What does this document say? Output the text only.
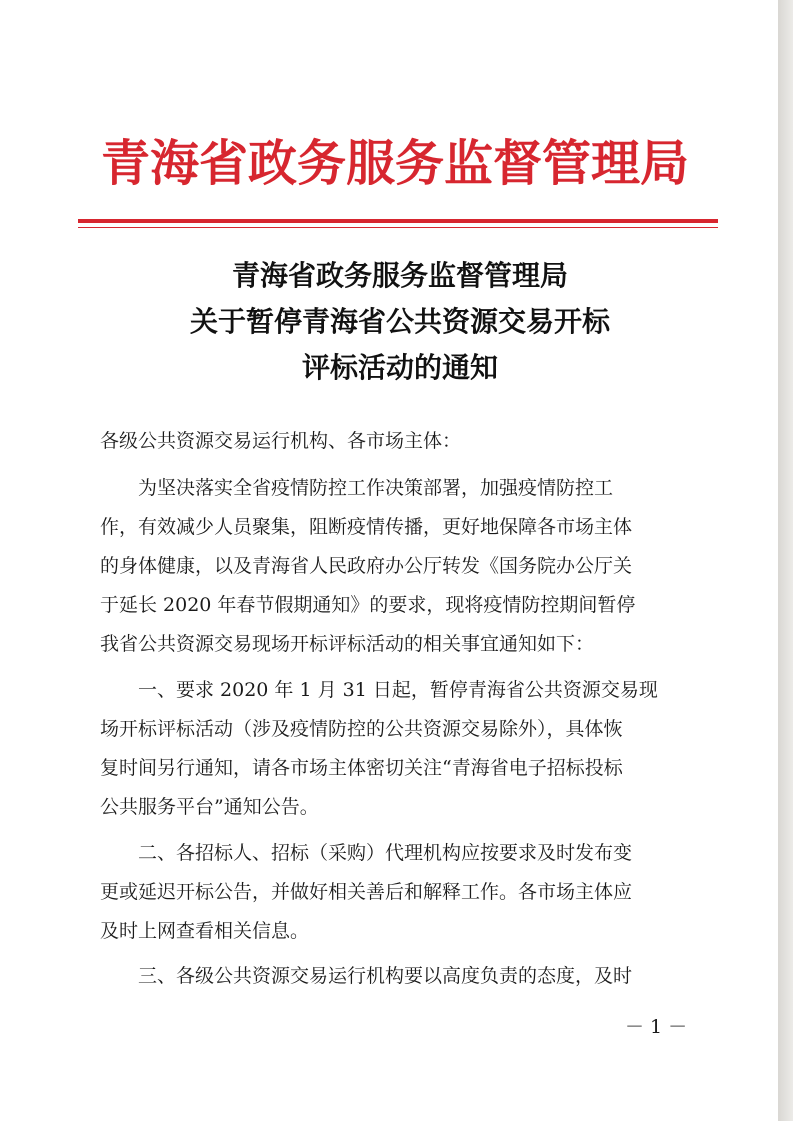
青海省政务服务监督管理局
青海省政务服务监督管理局
关于暂停青海省公共资源交易开标
评标活动的通知
各级公共资源交易运行机构、各市场主体：
　　为坚决落实全省疫情防控工作决策部署，加强疫情防控工
作，有效减少人员聚集，阻断疫情传播，更好地保障各市场主体
的身体健康，以及青海省人民政府办公厅转发《国务院办公厅关
于延长 2020 年春节假期通知》的要求，现将疫情防控期间暂停
我省公共资源交易现场开标评标活动的相关事宜通知如下：
　　一、要求 2020 年 1 月 31 日起，暂停青海省公共资源交易现
场开标评标活动（涉及疫情防控的公共资源交易除外），具体恢
复时间另行通知，请各市场主体密切关注“青海省电子招标投标
公共服务平台”通知公告。
　　二、各招标人、招标（采购）代理机构应按要求及时发布变
更或延迟开标公告，并做好相关善后和解释工作。各市场主体应
及时上网查看相关信息。
　　三、各级公共资源交易运行机构要以高度负责的态度，及时
－ 1 －
